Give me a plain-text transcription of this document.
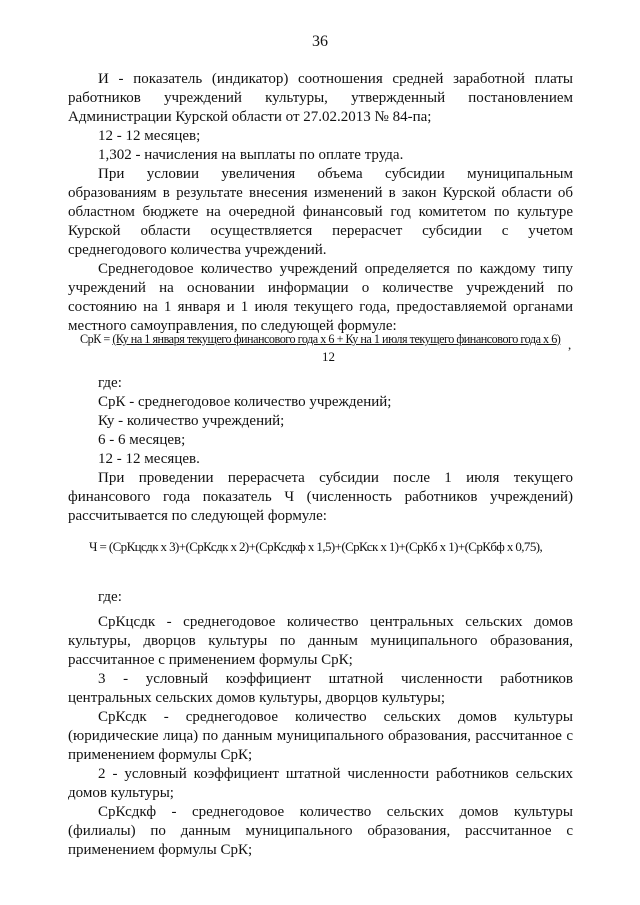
36
И - показатель (индикатор) соотношения средней заработной платы
работников учреждений культуры, утвержденный постановлением
Администрации Курской области от 27.02.2013 № 84-па;
12 - 12 месяцев;
1,302 - начисления на выплаты по оплате труда.
При условии увеличения объема субсидии муниципальным
образованиям в результате внесения изменений в закон Курской области об
областном бюджете на очередной финансовый год комитетом по культуре
Курской области осуществляется перерасчет субсидии с учетом
среднегодового количества учреждений.
Среднегодовое количество учреждений определяется по каждому типу
учреждений на основании информации о количестве учреждений по
состоянию на 1 января и 1 июля текущего года, предоставляемой органами
местного самоуправления, по следующей формуле:
СрК = (Ку на 1 января текущего финансового года х 6 + Ку на 1 июля текущего финансового года х 6)
12
,
где:
СрК - среднегодовое количество учреждений;
Ку - количество учреждений;
6 - 6 месяцев;
12 - 12 месяцев.
При проведении перерасчета субсидии после 1 июля текущего
финансового года показатель Ч (численность работников учреждений)
рассчитывается по следующей формуле:
Ч = (СрКцсдк х 3)+(СрКсдк х 2)+(СрКсдкф х 1,5)+(СрКск х 1)+(СрКб х 1)+(СрКбф х 0,75),
где:
СрКцсдк - среднегодовое количество центральных сельских домов
культуры, дворцов культуры по данным муниципального образования,
рассчитанное с применением формулы СрК;
3 - условный коэффициент штатной численности работников
центральных сельских домов культуры, дворцов культуры;
СрКсдк - среднегодовое количество сельских домов культуры
(юридические лица) по данным муниципального образования, рассчитанное с
применением формулы СрК;
2 - условный коэффициент штатной численности работников сельских
домов культуры;
СрКсдкф - среднегодовое количество сельских домов культуры
(филиалы) по данным муниципального образования, рассчитанное с
применением формулы СрК;
